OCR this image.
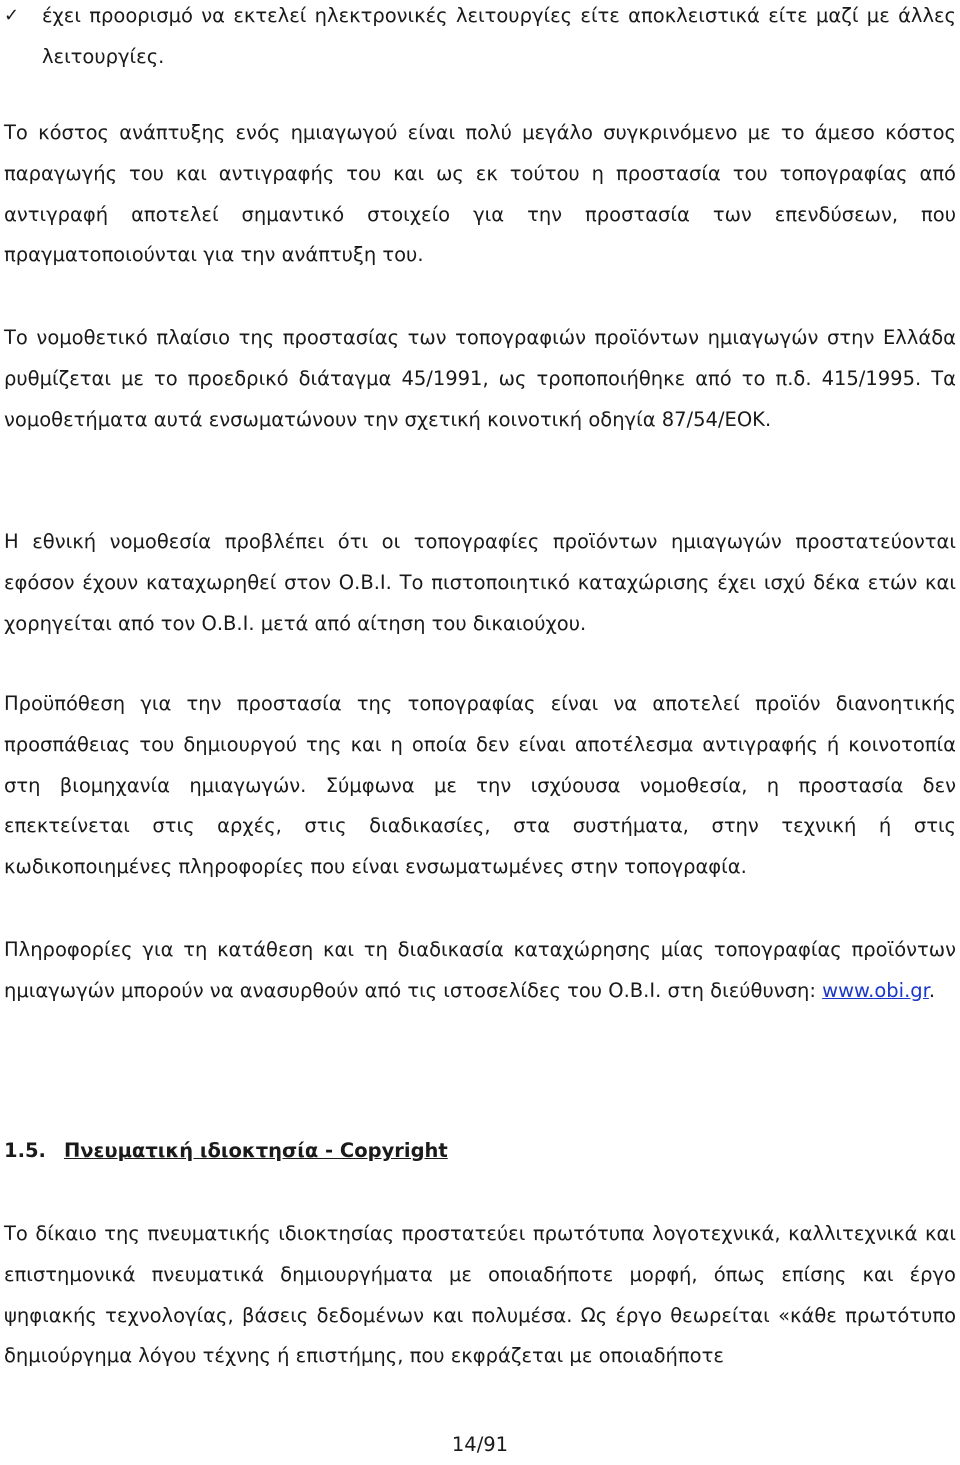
✓ έχει προορισμό να εκτελεί ηλεκτρονικές λειτουργίες είτε αποκλειστικά είτε μαζί με άλλες λειτουργίες.

Το κόστος ανάπτυξης ενός ημιαγωγού είναι πολύ μεγάλο συγκρινόμενο με το άμεσο κόστος παραγωγής του και αντιγραφής του και ως εκ τούτου η προστασία του τοπογραφίας από αντιγραφή αποτελεί σημαντικό στοιχείο για την προστασία των επενδύσεων, που πραγματοποιούνται για την ανάπτυξη του.

Το νομοθετικό πλαίσιο της προστασίας των τοπογραφιών προϊόντων ημιαγωγών στην Ελλάδα ρυθμίζεται με το προεδρικό διάταγμα 45/1991, ως τροποποιήθηκε από το π.δ. 415/1995. Τα νομοθετήματα αυτά ενσωματώνουν την σχετική κοινοτική οδηγία 87/54/ΕΟΚ.

Η εθνική νομοθεσία προβλέπει ότι οι τοπογραφίες προϊόντων ημιαγωγών προστατεύονται εφόσον έχουν καταχωρηθεί στον Ο.Β.Ι. Το πιστοποιητικό καταχώρισης έχει ισχύ δέκα ετών και χορηγείται από τον Ο.Β.Ι. μετά από αίτηση του δικαιούχου.

Προϋπόθεση για την προστασία της τοπογραφίας είναι να αποτελεί προϊόν διανοητικής προσπάθειας του δημιουργού της και η οποία δεν είναι αποτέλεσμα αντιγραφής ή κοινοτοπία στη βιομηχανία ημιαγωγών. Σύμφωνα με την ισχύουσα νομοθεσία, η προστασία δεν επεκτείνεται στις αρχές, στις διαδικασίες, στα συστήματα, στην τεχνική ή στις κωδικοποιημένες πληροφορίες που είναι ενσωματωμένες στην τοπογραφία.

Πληροφορίες για τη κατάθεση και τη διαδικασία καταχώρησης μίας τοπογραφίας προϊόντων ημιαγωγών μπορούν να ανασυρθούν από τις ιστοσελίδες του Ο.Β.Ι. στη διεύθυνση: www.obi.gr.

1.5. Πνευματική ιδιοκτησία - Copyright

Το δίκαιο της πνευματικής ιδιοκτησίας προστατεύει πρωτότυπα λογοτεχνικά, καλλιτεχνικά και επιστημονικά πνευματικά δημιουργήματα με οποιαδήποτε μορφή, όπως επίσης και έργο ψηφιακής τεχνολογίας, βάσεις δεδομένων και πολυμέσα. Ως έργο θεωρείται «κάθε πρωτότυπο δημιούργημα λόγου τέχνης ή επιστήμης, που εκφράζεται με οποιαδήποτε

14/91
